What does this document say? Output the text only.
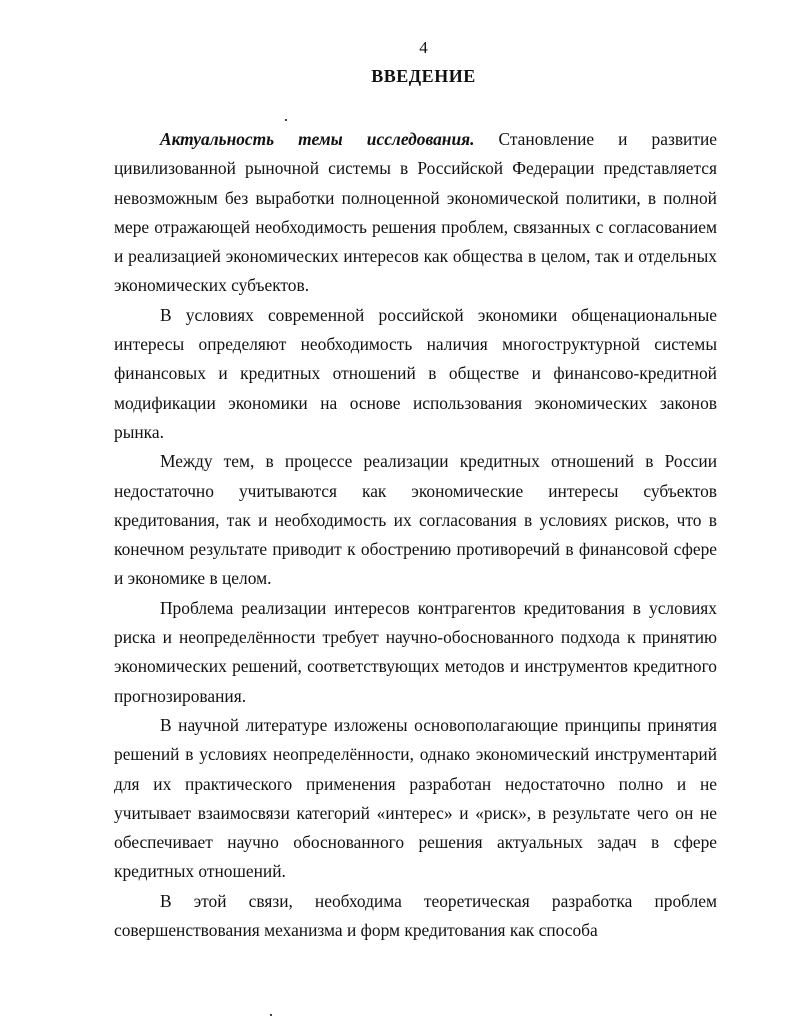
4
ВВЕДЕНИЕ

Актуальность темы исследования. Становление и развитие цивилизованной рыночной системы в Российской Федерации представляется невозможным без выработки полноценной экономической политики, в полной мере отражающей необходимость решения проблем, связанных с согласованием и реализацией экономических интересов как общества в целом, так и отдельных экономических субъектов.

В условиях современной российской экономики общенациональные интересы определяют необходимость наличия многоструктурной системы финансовых и кредитных отношений в обществе и финансово-кредитной модификации экономики на основе использования экономических законов рынка.

Между тем, в процессе реализации кредитных отношений в России недостаточно учитываются как экономические интересы субъектов кредитования, так и необходимость их согласования в условиях рисков, что в конечном результате приводит к обострению противоречий в финансовой сфере и экономике в целом.

Проблема реализации интересов контрагентов кредитования в условиях риска и неопределённости требует научно-обоснованного подхода к принятию экономических решений, соответствующих методов и инструментов кредитного прогнозирования.

В научной литературе изложены основополагающие принципы принятия решений в условиях неопределённости, однако экономический инструментарий для их практического применения разработан недостаточно полно и не учитывает взаимосвязи категорий «интерес» и «риск», в результате чего он не обеспечивает научно обоснованного решения актуальных задач в сфере кредитных отношений.

В этой связи, необходима теоретическая разработка проблем совершенствования механизма и форм кредитования как способа
